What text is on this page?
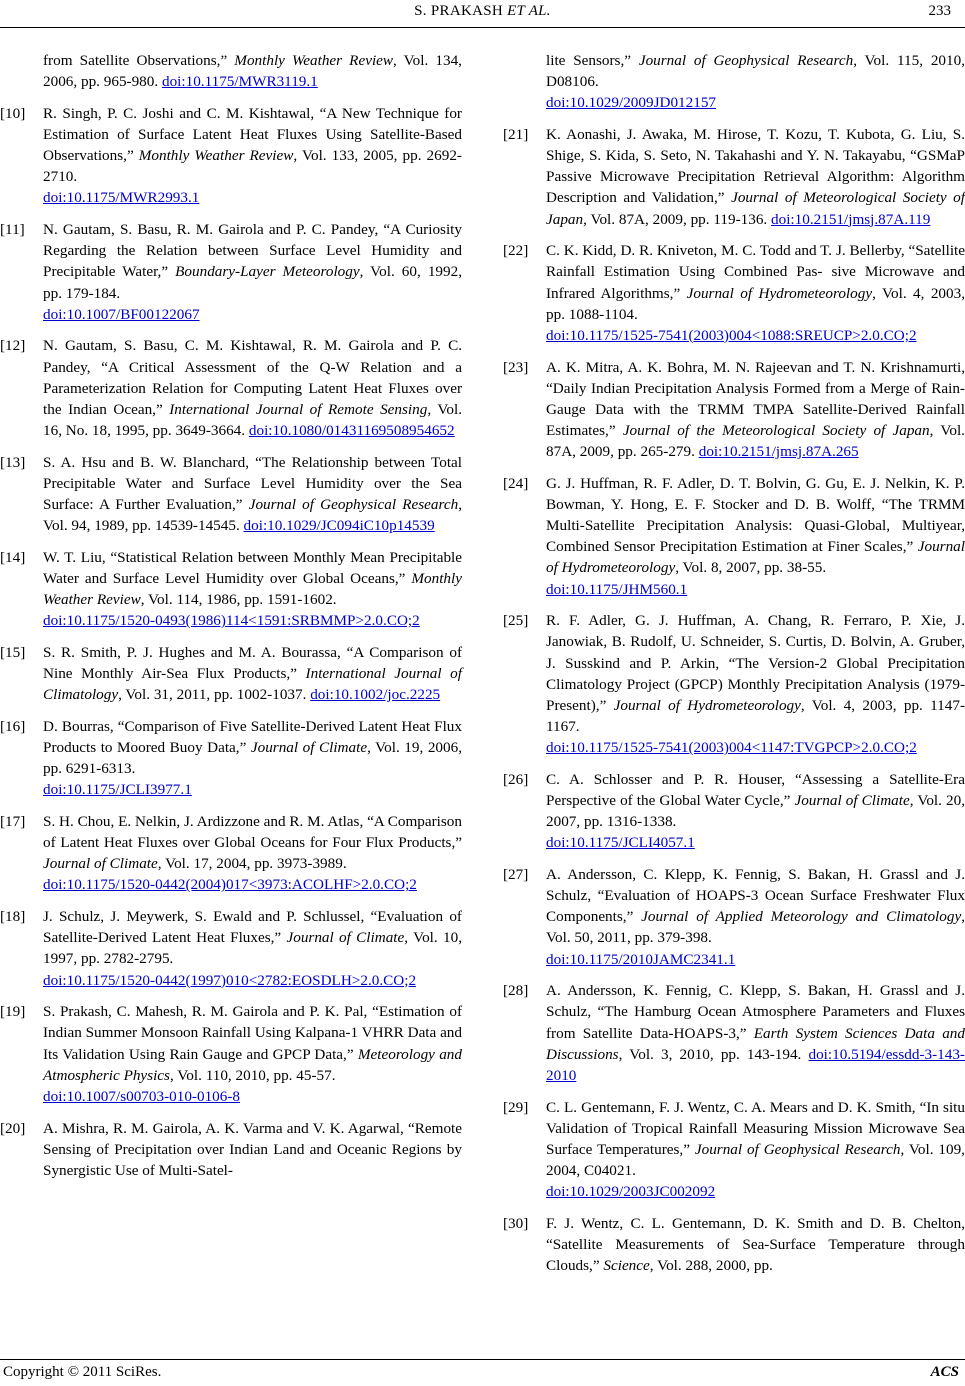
S. PRAKASH ET AL.	233
from Satellite Observations,” Monthly Weather Review, Vol. 134, 2006, pp. 965-980. doi:10.1175/MWR3119.1
[10] R. Singh, P. C. Joshi and C. M. Kishtawal, “A New Technique for Estimation of Surface Latent Heat Fluxes Using Satellite-Based Observations,” Monthly Weather Review, Vol. 133, 2005, pp. 2692-2710.
doi:10.1175/MWR2993.1
[11] N. Gautam, S. Basu, R. M. Gairola and P. C. Pandey, “A Curiosity Regarding the Relation between Surface Level Humidity and Precipitable Water,” Boundary-Layer Meteorology, Vol. 60, 1992, pp. 179-184.
doi:10.1007/BF00122067
[12] N. Gautam, S. Basu, C. M. Kishtawal, R. M. Gairola and P. C. Pandey, “A Critical Assessment of the Q-W Relation and a Parameterization Relation for Computing Latent Heat Fluxes over the Indian Ocean,” International Journal of Remote Sensing, Vol. 16, No. 18, 1995, pp. 3649-3664. doi:10.1080/01431169508954652
[13] S. A. Hsu and B. W. Blanchard, “The Relationship between Total Precipitable Water and Surface Level Humidity over the Sea Surface: A Further Evaluation,” Journal of Geophysical Research, Vol. 94, 1989, pp. 14539-14545. doi:10.1029/JC094iC10p14539
[14] W. T. Liu, “Statistical Relation between Monthly Mean Precipitable Water and Surface Level Humidity over Global Oceans,” Monthly Weather Review, Vol. 114, 1986, pp. 1591-1602.
doi:10.1175/1520-0493(1986)114<1591:SRBMMP>2.0.CO;2
[15] S. R. Smith, P. J. Hughes and M. A. Bourassa, “A Comparison of Nine Monthly Air-Sea Flux Products,” International Journal of Climatology, Vol. 31, 2011, pp. 1002-1037. doi:10.1002/joc.2225
[16] D. Bourras, “Comparison of Five Satellite-Derived Latent Heat Flux Products to Moored Buoy Data,” Journal of Climate, Vol. 19, 2006, pp. 6291-6313.
doi:10.1175/JCLI3977.1
[17] S. H. Chou, E. Nelkin, J. Ardizzone and R. M. Atlas, “A Comparison of Latent Heat Fluxes over Global Oceans for Four Flux Products,” Journal of Climate, Vol. 17, 2004, pp. 3973-3989.
doi:10.1175/1520-0442(2004)017<3973:ACOLHF>2.0.CO;2
[18] J. Schulz, J. Meywerk, S. Ewald and P. Schlussel, “Evaluation of Satellite-Derived Latent Heat Fluxes,” Journal of Climate, Vol. 10, 1997, pp. 2782-2795.
doi:10.1175/1520-0442(1997)010<2782:EOSDLH>2.0.CO;2
[19] S. Prakash, C. Mahesh, R. M. Gairola and P. K. Pal, “Estimation of Indian Summer Monsoon Rainfall Using Kalpana-1 VHRR Data and Its Validation Using Rain Gauge and GPCP Data,” Meteorology and Atmospheric Physics, Vol. 110, 2010, pp. 45-57.
doi:10.1007/s00703-010-0106-8
[20] A. Mishra, R. M. Gairola, A. K. Varma and V. K. Agarwal, “Remote Sensing of Precipitation over Indian Land and Oceanic Regions by Synergistic Use of Multi-Satel-
lite Sensors,” Journal of Geophysical Research, Vol. 115, 2010, D08106.
doi:10.1029/2009JD012157
[21] K. Aonashi, J. Awaka, M. Hirose, T. Kozu, T. Kubota, G. Liu, S. Shige, S. Kida, S. Seto, N. Takahashi and Y. N. Takayabu, “GSMaP Passive Microwave Precipitation Retrieval Algorithm: Algorithm Description and Validation,” Journal of Meteorological Society of Japan, Vol. 87A, 2009, pp. 119-136. doi:10.2151/jmsj.87A.119
[22] C. K. Kidd, D. R. Kniveton, M. C. Todd and T. J. Bellerby, “Satellite Rainfall Estimation Using Combined Pas- sive Microwave and Infrared Algorithms,” Journal of Hydrometeorology, Vol. 4, 2003, pp. 1088-1104.
doi:10.1175/1525-7541(2003)004<1088:SREUCP>2.0.CO;2
[23] A. K. Mitra, A. K. Bohra, M. N. Rajeevan and T. N. Krishnamurti, “Daily Indian Precipitation Analysis Formed from a Merge of Rain-Gauge Data with the TRMM TMPA Satellite-Derived Rainfall Estimates,” Journal of the Meteorological Society of Japan, Vol. 87A, 2009, pp. 265-279. doi:10.2151/jmsj.87A.265
[24] G. J. Huffman, R. F. Adler, D. T. Bolvin, G. Gu, E. J. Nelkin, K. P. Bowman, Y. Hong, E. F. Stocker and D. B. Wolff, “The TRMM Multi-Satellite Precipitation Analysis: Quasi-Global, Multiyear, Combined Sensor Precipitation Estimation at Finer Scales,” Journal of Hydrometeorology, Vol. 8, 2007, pp. 38-55.
doi:10.1175/JHM560.1
[25] R. F. Adler, G. J. Huffman, A. Chang, R. Ferraro, P. Xie, J. Janowiak, B. Rudolf, U. Schneider, S. Curtis, D. Bolvin, A. Gruber, J. Susskind and P. Arkin, “The Version-2 Global Precipitation Climatology Project (GPCP) Monthly Precipitation Analysis (1979-Present),” Journal of Hydrometeorology, Vol. 4, 2003, pp. 1147-1167.
doi:10.1175/1525-7541(2003)004<1147:TVGPCP>2.0.CO;2
[26] C. A. Schlosser and P. R. Houser, “Assessing a Satellite-Era Perspective of the Global Water Cycle,” Journal of Climate, Vol. 20, 2007, pp. 1316-1338.
doi:10.1175/JCLI4057.1
[27] A. Andersson, C. Klepp, K. Fennig, S. Bakan, H. Grassl and J. Schulz, “Evaluation of HOAPS-3 Ocean Surface Freshwater Flux Components,” Journal of Applied Meteorology and Climatology, Vol. 50, 2011, pp. 379-398.
doi:10.1175/2010JAMC2341.1
[28] A. Andersson, K. Fennig, C. Klepp, S. Bakan, H. Grassl and J. Schulz, “The Hamburg Ocean Atmosphere Parameters and Fluxes from Satellite Data-HOAPS-3,” Earth System Sciences Data and Discussions, Vol. 3, 2010, pp. 143-194. doi:10.5194/essdd-3-143-2010
[29] C. L. Gentemann, F. J. Wentz, C. A. Mears and D. K. Smith, “In situ Validation of Tropical Rainfall Measuring Mission Microwave Sea Surface Temperatures,” Journal of Geophysical Research, Vol. 109, 2004, C04021.
doi:10.1029/2003JC002092
[30] F. J. Wentz, C. L. Gentemann, D. K. Smith and D. B. Chelton, “Satellite Measurements of Sea-Surface Temperature through Clouds,” Science, Vol. 288, 2000, pp.
Copyright © 2011 SciRes.	ACS
